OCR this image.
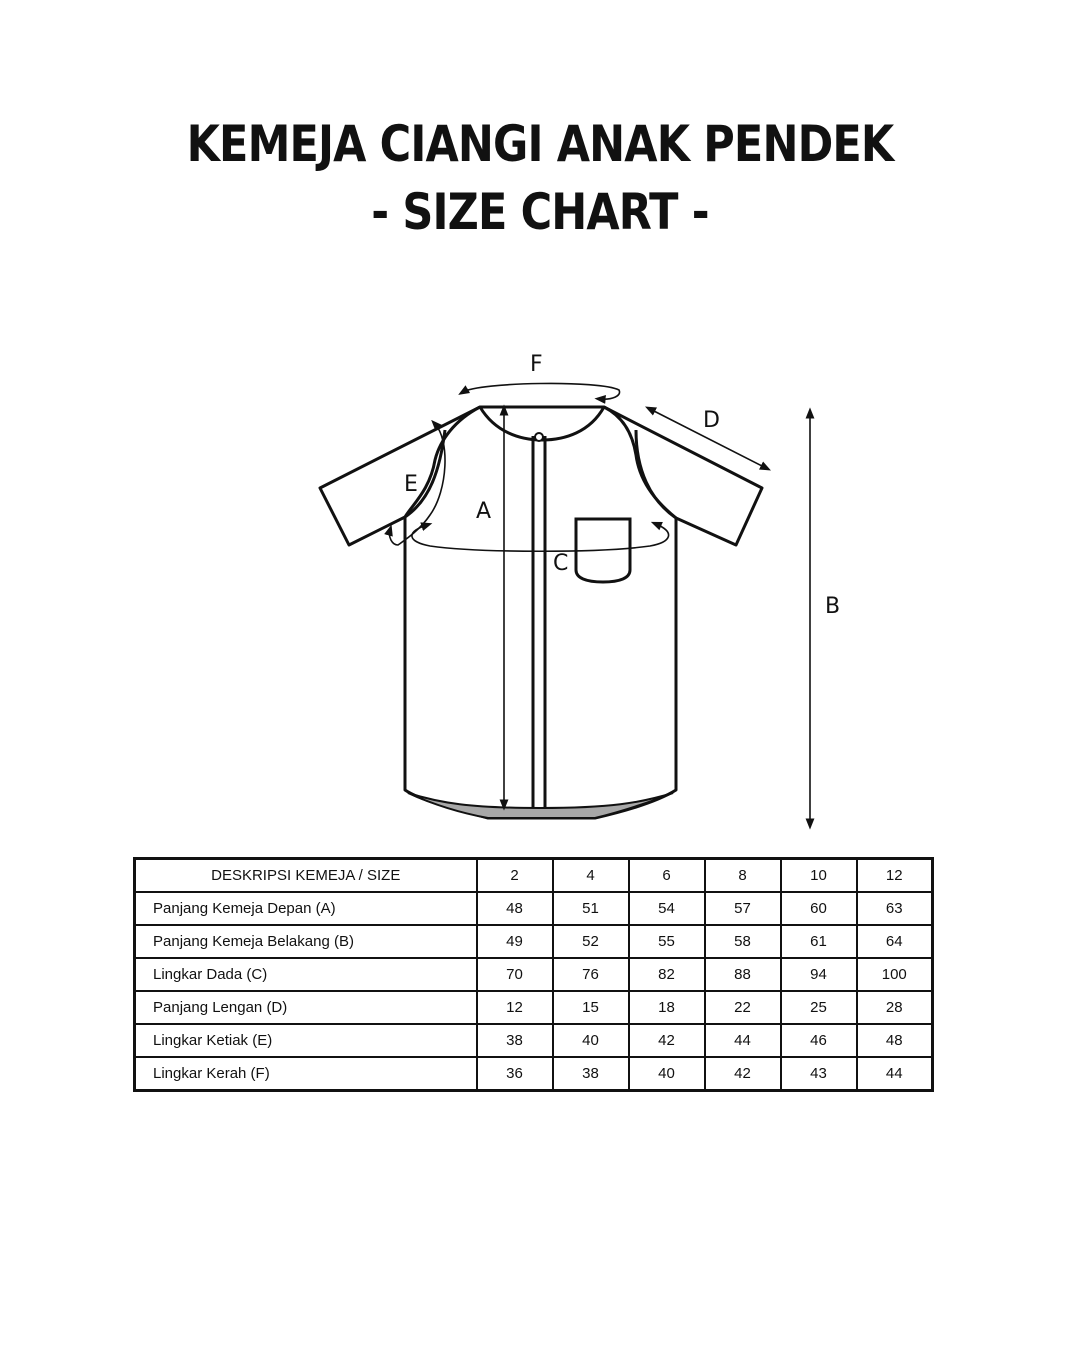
KEMEJA CIANGI ANAK PENDEK
- SIZE CHART -
A
B
C
D
E
F
DESKRIPSI KEMEJA / SIZE	2	4	6	8	10	12
Panjang Kemeja Depan (A)	48	51	54	57	60	63
Panjang Kemeja Belakang (B)	49	52	55	58	61	64
Lingkar Dada (C)	70	76	82	88	94	100
Panjang Lengan (D)	12	15	18	22	25	28
Lingkar Ketiak (E)	38	40	42	44	46	48
Lingkar Kerah (F)	36	38	40	42	43	44
